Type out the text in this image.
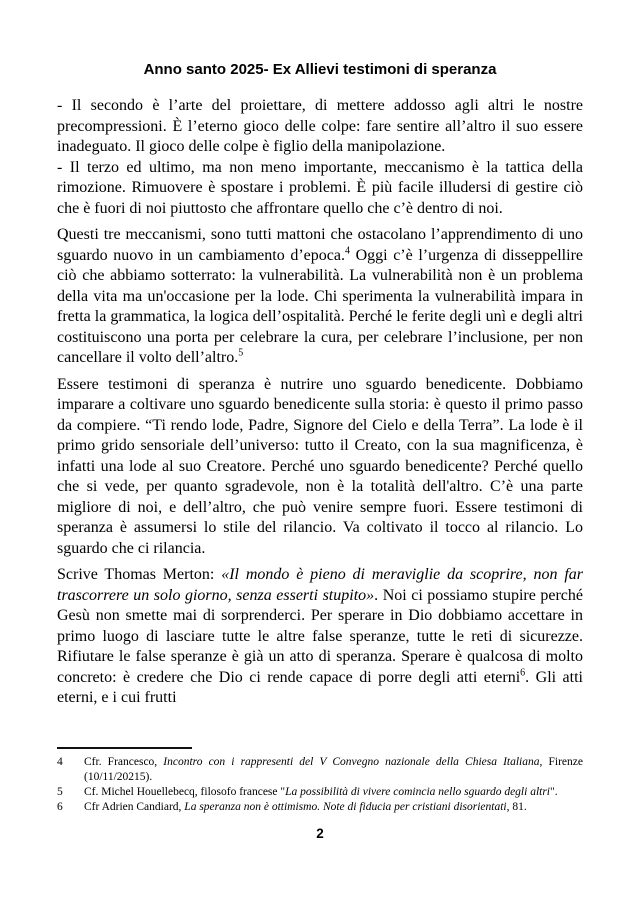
Anno santo 2025- Ex Allievi testimoni di speranza

- Il secondo è l’arte del proiettare, di mettere addosso agli altri le nostre precompressioni. È l’eterno gioco delle colpe: fare sentire all’altro il suo essere inadeguato. Il gioco delle colpe è figlio della manipolazione.

- Il terzo ed ultimo, ma non meno importante, meccanismo è la tattica della rimozione. Rimuovere è spostare i problemi. È più facile illudersi di gestire ciò che è fuori di noi piuttosto che affrontare quello che c’è dentro di noi.

Questi tre meccanismi, sono tutti mattoni che ostacolano l’apprendimento di uno sguardo nuovo in un cambiamento d’epoca.$^4$ Oggi c’è l’urgenza di disseppellire ciò che abbiamo sotterrato: la vulnerabilità. La vulnerabilità non è un problema della vita ma un'occasione per la lode. Chi sperimenta la vulnerabilità impara in fretta la grammatica, la logica dell’ospitalità. Perché le ferite degli unì e degli altri costituiscono una porta per celebrare la cura, per celebrare l’inclusione, per non cancellare il volto dell’altro.$^5$

Essere testimoni di speranza è nutrire uno sguardo benedicente. Dobbiamo imparare a coltivare uno sguardo benedicente sulla storia: è questo il primo passo da compiere. “Ti rendo lode, Padre, Signore del Cielo e della Terra”. La lode è il primo grido sensoriale dell’universo: tutto il Creato, con la sua magnificenza, è infatti una lode al suo Creatore. Perché uno sguardo benedicente? Perché quello che si vede, per quanto sgradevole, non è la totalità dell'altro. C’è una parte migliore di noi, e dell’altro, che può venire sempre fuori. Essere testimoni di speranza è assumersi lo stile del rilancio. Va coltivato il tocco al rilancio. Lo sguardo che ci rilancia.

Scrive Thomas Merton: «Il mondo è pieno di meraviglie da scoprire, non far trascorrere un solo giorno, senza esserti stupito». Noi ci possiamo stupire perché Gesù non smette mai di sorprenderci. Per sperare in Dio dobbiamo accettare in primo luogo di lasciare tutte le altre false speranze, tutte le reti di sicurezze. Rifiutare le false speranze è già un atto di speranza. Sperare è qualcosa di molto concreto: è credere che Dio ci rende capace di porre degli atti eterni$^6$. Gli atti eterni, e i cui frutti

4	Cfr. Francesco, Incontro con i rappresenti del V Convegno nazionale della Chiesa Italiana, Firenze (10/11/20215).
5	Cf. Michel Houellebecq, filosofo francese "La possibilità di vivere comincia nello sguardo degli altri".
6	Cfr Adrien Candiard, La speranza non è ottimismo. Note di fiducia per cristiani disorientati, 81.
2
